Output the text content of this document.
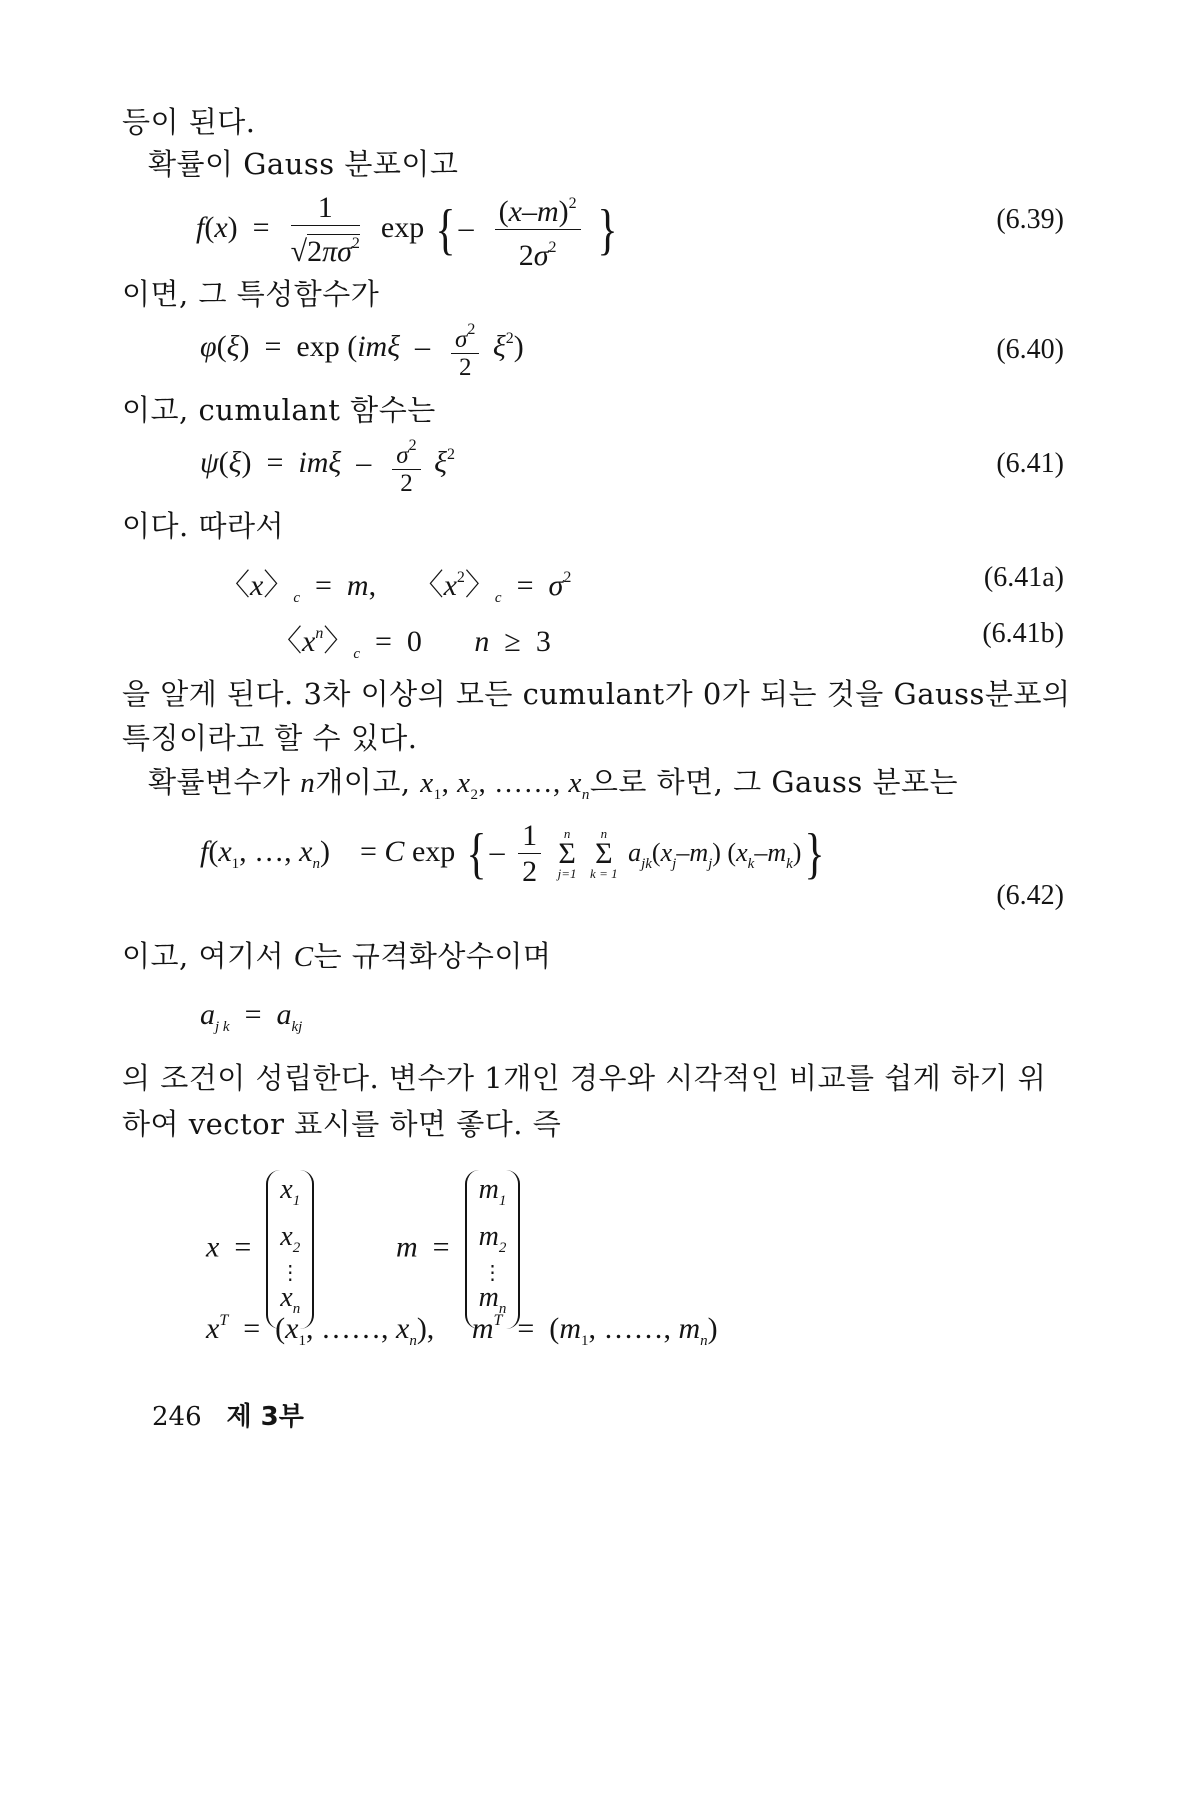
등이 된다.
확률이 Gauss 분포이고
$f(x) = \frac{1}{√2\pi\sigma^2}$ exp { – $\frac{(x-m)^2}{2\sigma^2}$ }	(6.39)
이면, 그 특성함수가
$\varphi(\xi) = \exp (im\xi - \frac{\sigma^2}{2} \xi^2)$	(6.40)
이고, cumulant 함수는
$\psi(\xi) = im\xi - \frac{\sigma^2}{2} \xi^2$	(6.41)
이다. 따라서
〈x〉$_c$  =  m,     〈$x^2$〉$_c = \sigma^2$	(6.41a)
〈$x^n$〉$_c$  =  0       n  ≥  3	(6.41b)
을 알게 된다. 3차 이상의 모든 cumulant가 0가 되는 것을 Gauss분포의
특징이라고 할 수 있다.
확률변수가 n개이고, $x_1$, $x_2$, ……, $x_n$으로 하면, 그 Gauss 분포는
$f(x_1$, …, $x_n$)    = C exp { – $\frac{1}{2}$
	n
Σ
j=1

n
Σ
k = 1
$a_{jk}(x_j-m_j)$ $(x_k-m_k)$}
(6.42)
이고, 여기서 C는 규격화상수이며
$a_{j k} = a_{kj}$
의 조건이 성립한다. 변수가 1개인 경우와 시각적인 비교를 쉽게 하기 위
하여 vector 표시를 하면 좋다. 즉
x  =
$x_1$
$x_2$
⋮
$x_n$
m  =
$m_1$
$m_2$
⋮
$m_n$
$x^T = (x_1$, ……, $x_n$),     $m^T = (m_1$, ……, $m_n$)
246 제 3부
